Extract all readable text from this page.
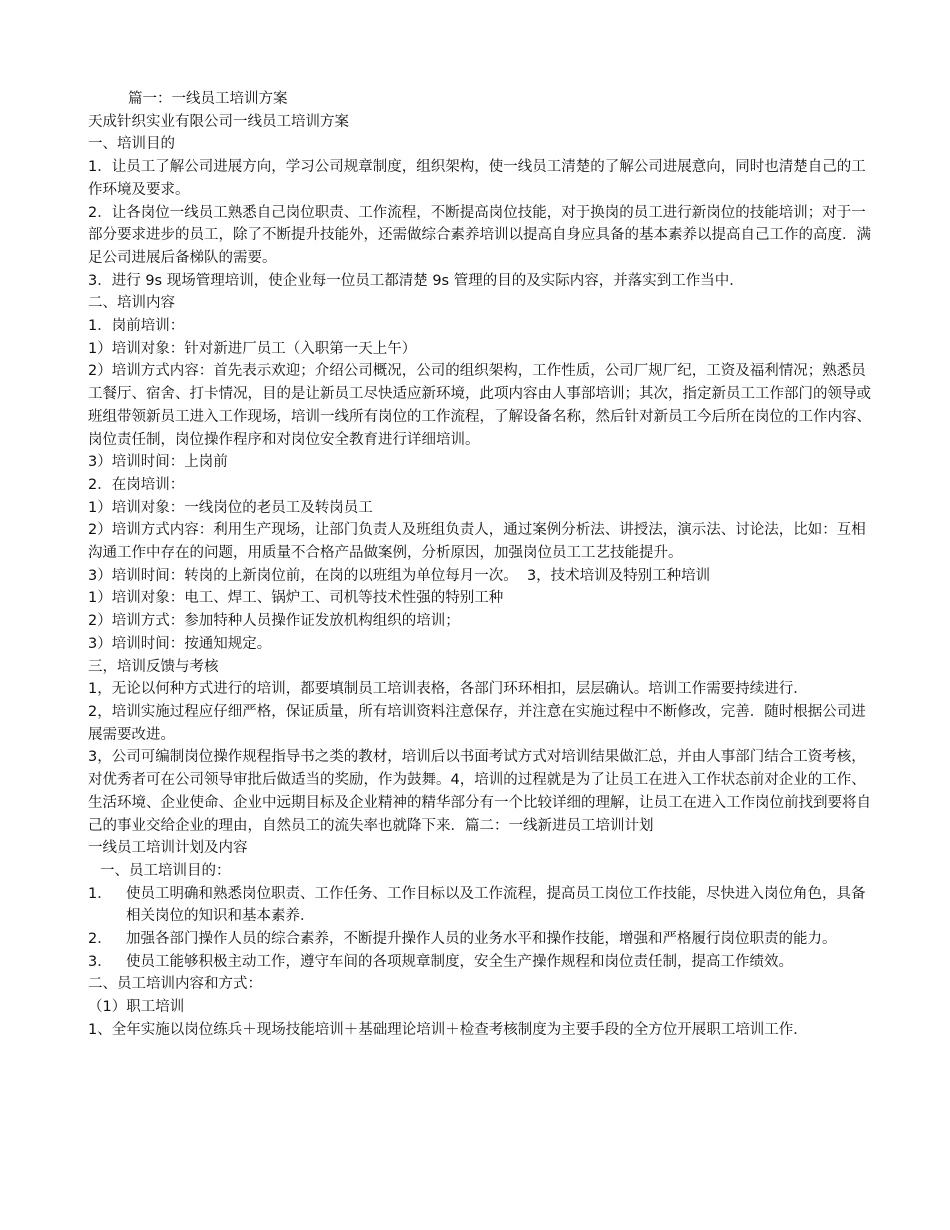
篇一：一线员工培训方案
天成针织实业有限公司一线员工培训方案
一、培训目的
1．让员工了解公司进展方向，学习公司规章制度，组织架构，使一线员工清楚的了解公司进展意向，同时也清楚自己的工作环境及要求。
2．让各岗位一线员工熟悉自己岗位职责、工作流程，不断提高岗位技能，对于换岗的员工进行新岗位的技能培训；对于一部分要求进步的员工，除了不断提升技能外，还需做综合素养培训以提高自身应具备的基本素养以提高自己工作的高度．满足公司进展后备梯队的需要。
3．进行 9s 现场管理培训，使企业每一位员工都清楚 9s 管理的目的及实际内容，并落实到工作当中．
二、培训内容
1．岗前培训：
1）培训对象：针对新进厂员工（入职第一天上午）
2）培训方式内容：首先表示欢迎；介绍公司概况，公司的组织架构，工作性质，公司厂规厂纪，工资及福利情况；熟悉员工餐厅、宿舍、打卡情况，目的是让新员工尽快适应新环境，此项内容由人事部培训；其次，指定新员工工作部门的领导或班组带领新员工进入工作现场，培训一线所有岗位的工作流程，了解设备名称，然后针对新员工今后所在岗位的工作内容、岗位责任制，岗位操作程序和对岗位安全教育进行详细培训。
3）培训时间：上岗前
2．在岗培训：
1）培训对象：一线岗位的老员工及转岗员工
2）培训方式内容：利用生产现场，让部门负责人及班组负责人，通过案例分析法、讲授法，演示法、讨论法，比如：互相沟通工作中存在的问题，用质量不合格产品做案例，分析原因，加强岗位员工工艺技能提升。
3）培训时间：转岗的上新岗位前，在岗的以班组为单位每月一次。  3，技术培训及特别工种培训
1）培训对象：电工、焊工、锅炉工、司机等技术性强的特别工种
2）培训方式：参加特种人员操作证发放机构组织的培训；
3）培训时间：按通知规定。
三，培训反馈与考核
1，无论以何种方式进行的培训，都要填制员工培训表格，各部门环环相扣，层层确认。培训工作需要持续进行．
2，培训实施过程应仔细严格，保证质量，所有培训资料注意保存，并注意在实施过程中不断修改，完善．随时根据公司进展需要改进。
3，公司可编制岗位操作规程指导书之类的教材，培训后以书面考试方式对培训结果做汇总，并由人事部门结合工资考核，对优秀者可在公司领导审批后做适当的奖励，作为鼓舞。4，培训的过程就是为了让员工在进入工作状态前对企业的工作、生活环境、企业使命、企业中远期目标及企业精神的精华部分有一个比较详细的理解，让员工在进入工作岗位前找到要将自己的事业交给企业的理由，自然员工的流失率也就降下来．篇二：一线新进员工培训计划
一线员工培训计划及内容
一、员工培训目的：
1． 使员工明确和熟悉岗位职责、工作任务、工作目标以及工作流程，提高员工岗位工作技能，尽快进入岗位角色，具备相关岗位的知识和基本素养．
2． 加强各部门操作人员的综合素养，不断提升操作人员的业务水平和操作技能，增强和严格履行岗位职责的能力。
3． 使员工能够积极主动工作，遵守车间的各项规章制度，安全生产操作规程和岗位责任制，提高工作绩效。
二、员工培训内容和方式：
（1）职工培训
1、全年实施以岗位练兵＋现场技能培训＋基础理论培训＋检查考核制度为主要手段的全方位开展职工培训工作．
